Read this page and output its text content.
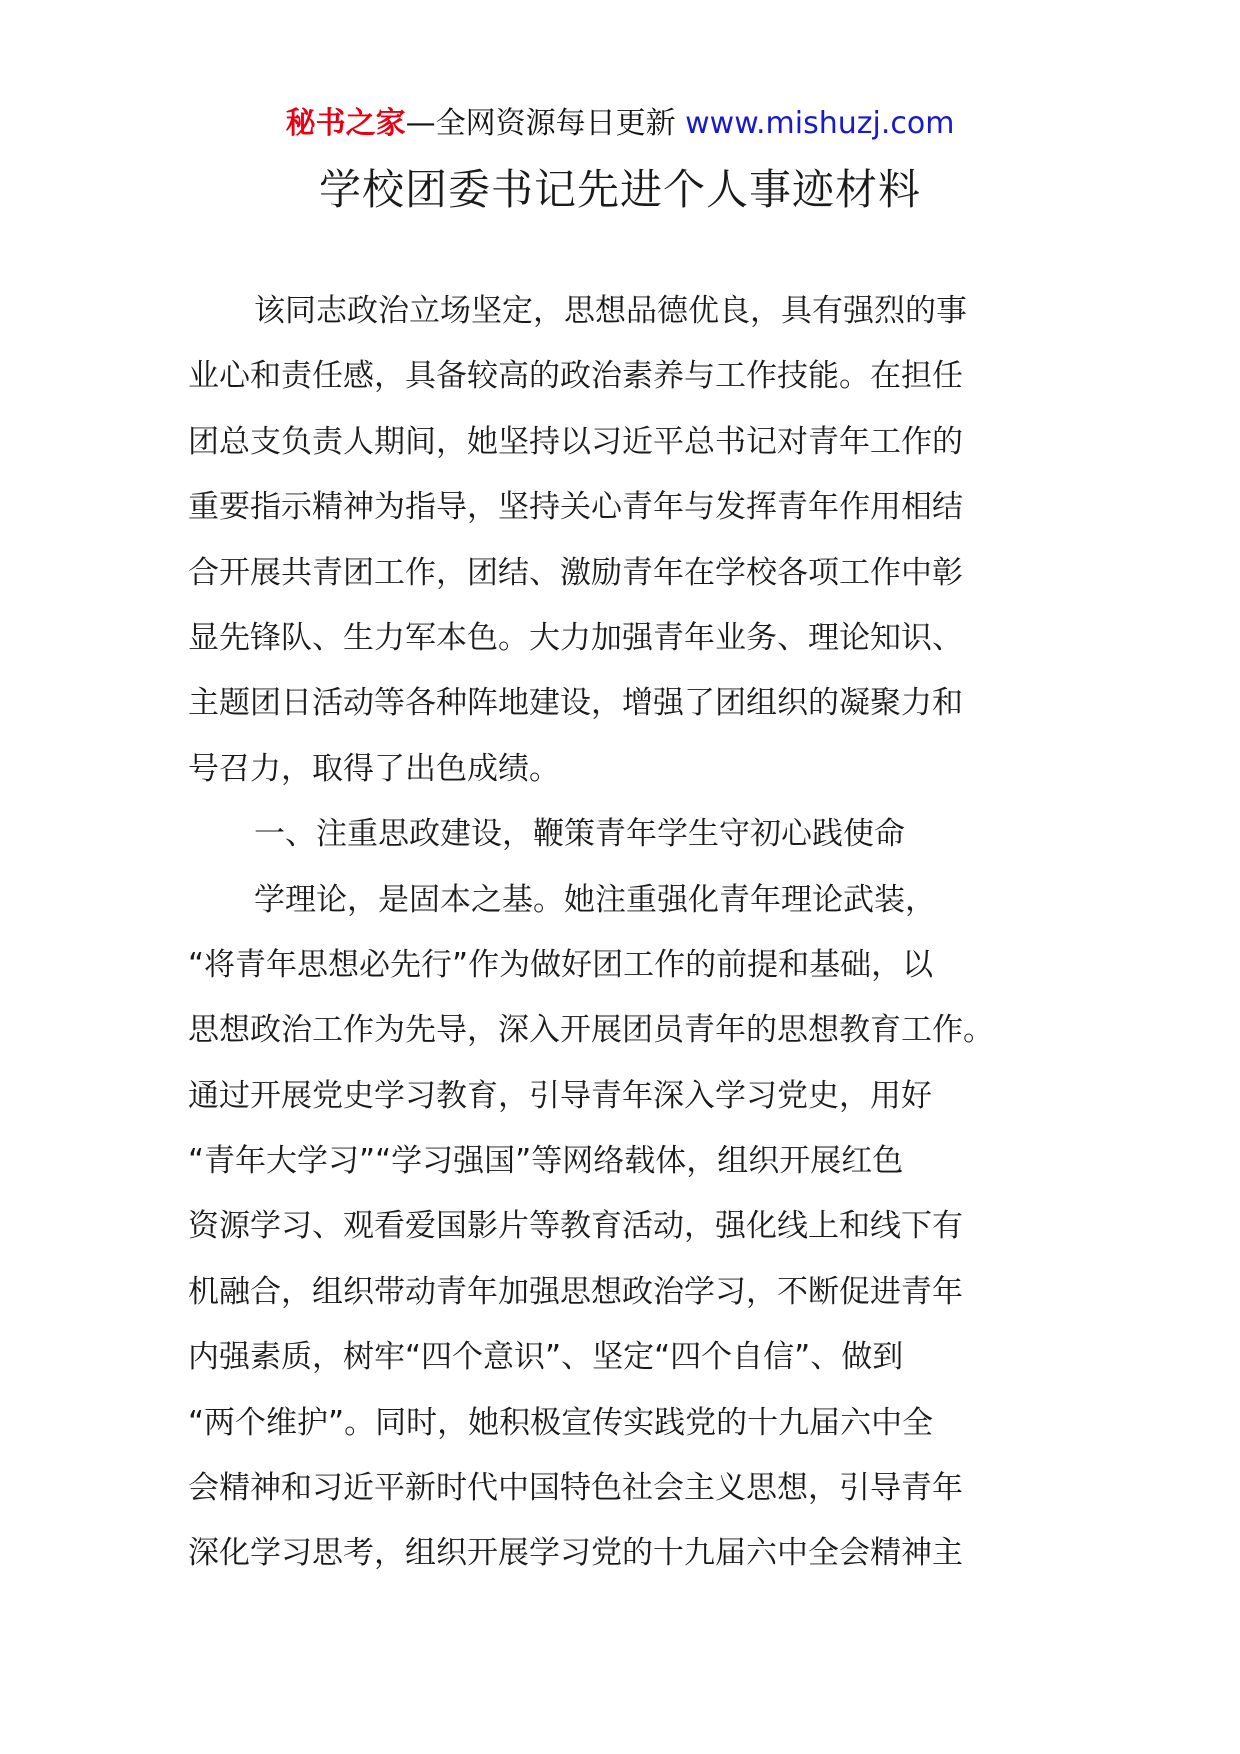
秘书之家—全网资源每日更新 www.mishuzj.com
学校团委书记先进个人事迹材料
该同志政治立场坚定，思想品德优良，具有强烈的事
业心和责任感，具备较高的政治素养与工作技能。在担任
团总支负责人期间，她坚持以习近平总书记对青年工作的
重要指示精神为指导，坚持关心青年与发挥青年作用相结
合开展共青团工作，团结、激励青年在学校各项工作中彰
显先锋队、生力军本色。大力加强青年业务、理论知识、
主题团日活动等各种阵地建设，增强了团组织的凝聚力和
号召力，取得了出色成绩。
一、注重思政建设，鞭策青年学生守初心践使命
学理论，是固本之基。她注重强化青年理论武装，
“将青年思想必先行”作为做好团工作的前提和基础，以
思想政治工作为先导，深入开展团员青年的思想教育工作。
通过开展党史学习教育，引导青年深入学习党史，用好
“青年大学习”“学习强国”等网络载体，组织开展红色
资源学习、观看爱国影片等教育活动，强化线上和线下有
机融合，组织带动青年加强思想政治学习，不断促进青年
内强素质，树牢“四个意识”、坚定“四个自信”、做到
“两个维护”。同时，她积极宣传实践党的十九届六中全
会精神和习近平新时代中国特色社会主义思想，引导青年
深化学习思考，组织开展学习党的十九届六中全会精神主
